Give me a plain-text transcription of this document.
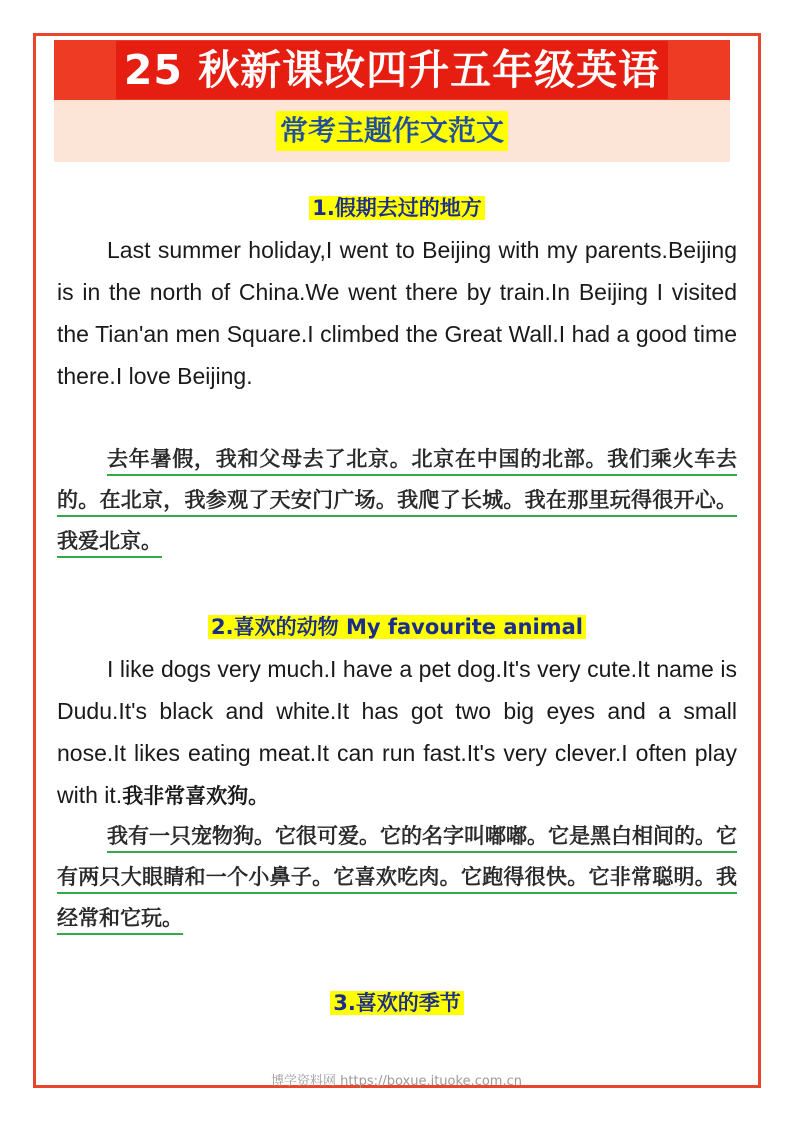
25 秋新课改四升五年级英语
常考主题作文范文
1.假期去过的地方

Last summer holiday,I went to Beijing with my parents.Beijing is in the north of China.We went there by train.In Beijing I visited the Tian'an men Square.I climbed the Great Wall.I had a good time there.I love Beijing.

去年暑假，我和父母去了北京。北京在中国的北部。我们乘火车去的。在北京，我参观了天安门广场。我爬了长城。我在那里玩得很开心。我爱北京。

2.喜欢的动物 My favourite animal

I like dogs very much.I have a pet dog.It's very cute.It name is Dudu.It's black and white.It has got two big eyes and a small nose.It likes eating meat.It can run fast.It's very clever.I often play with it.我非常喜欢狗。

我有一只宠物狗。它很可爱。它的名字叫嘟嘟。它是黑白相间的。它有两只大眼睛和一个小鼻子。它喜欢吃肉。它跑得很快。它非常聪明。我经常和它玩。

3.喜欢的季节
博学资料网 https://boxue.ituoke.com.cn
